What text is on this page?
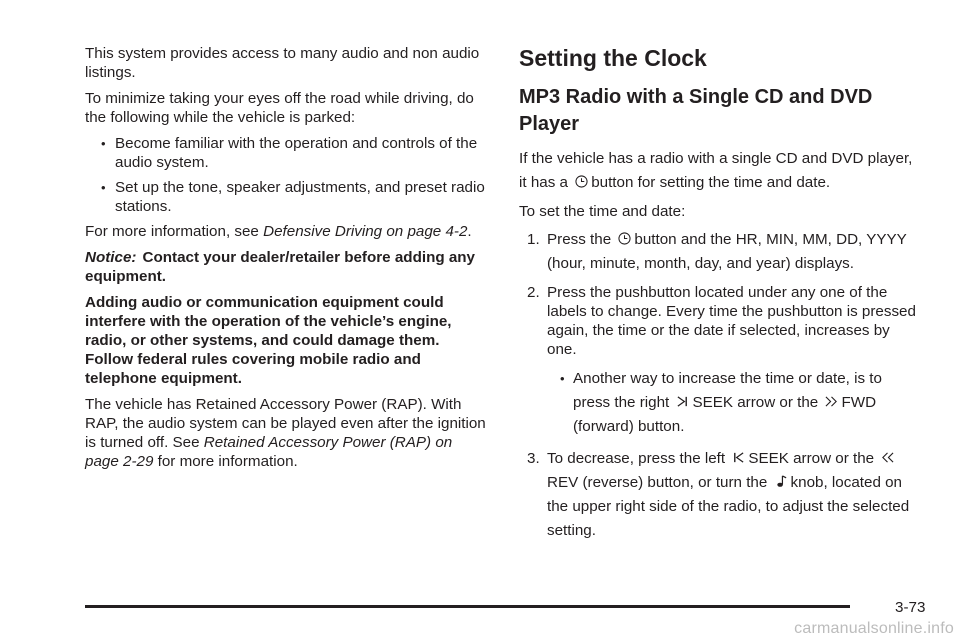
This system provides access to many audio and non audio listings.

To minimize taking your eyes off the road while driving, do the following while the vehicle is parked:

• Become familiar with the operation and controls of the audio system.
• Set up the tone, speaker adjustments, and preset radio stations.

For more information, see Defensive Driving on page 4-2.

Notice: Contact your dealer/retailer before adding any equipment.

Adding audio or communication equipment could interfere with the operation of the vehicle’s engine, radio, or other systems, and could damage them. Follow federal rules covering mobile radio and telephone equipment.

The vehicle has Retained Accessory Power (RAP). With RAP, the audio system can be played even after the ignition is turned off. See Retained Accessory Power (RAP) on page 2-29 for more information.

Setting the Clock
MP3 Radio with a Single CD and DVD Player

If the vehicle has a radio with a single CD and DVD player, it has a
button for setting the time and date.

To set the time and date:

1. Press the
button and the HR, MIN, MM, DD, YYYY (hour, minute, month, day, and year) displays.
2. Press the pushbutton located under any one of the labels to change. Every time the pushbutton is pressed again, the time or the date if selected, increases by one.
• Another way to increase the time or date, is to press the right
SEEK arrow or the
FWD (forward) button.
3. To decrease, press the left
SEEK arrow or the
REV (reverse) button, or turn the
knob, located on the upper right side of the radio, to adjust the selected setting.
3-73
carmanualsonline.info
